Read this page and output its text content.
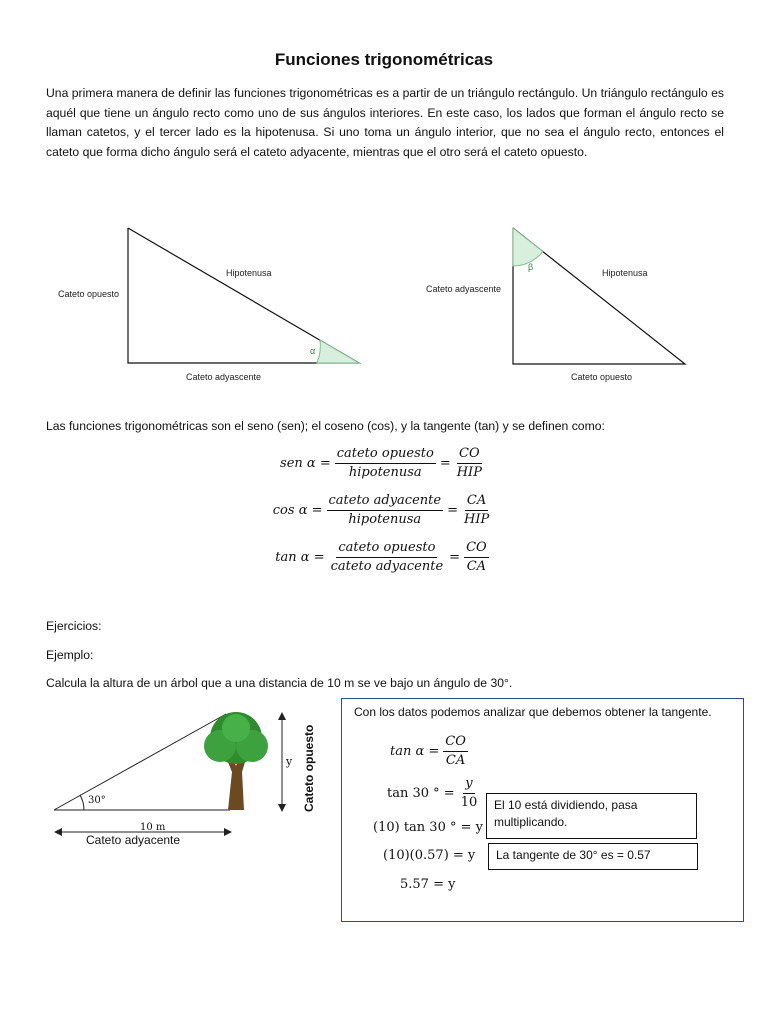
Funciones trigonométricas
Una primera manera de definir las funciones trigonométricas es a partir de un triángulo rectángulo. Un triángulo rectángulo es aquél que tiene un ángulo recto como uno de sus ángulos interiores. En este caso, los lados que forman el ángulo recto se llaman catetos, y el tercer lado es la hipotenusa. Si uno toma un ángulo interior, que no sea el ángulo recto, entonces el cateto que forma dicho ángulo será el cateto adyacente, mientras que el otro será el cateto opuesto.
Hipotenusa
Cateto opuesto
Cateto adyascente
α
Hipotenusa
Cateto adyascente
Cateto opuesto
β
Las funciones trigonométricas son el seno (sen); el coseno (cos), y la tangente (tan) y se definen como:
sen $\alpha = \frac{\text{cateto opuesto}}{\text{hipotenusa}} = \frac{CO}{\text{HIP}}$
$\cos \alpha = \frac{\text{cateto adyacente}}{\text{hipotenusa}} = \frac{CA}{\text{HIP}}$
$\tan \alpha = \frac{\text{cateto opuesto}}{\text{cateto adyacente}} = \frac{CO}{CA}$
Ejercicios:
Ejemplo:
Calcula la altura de un árbol que a una distancia de 10 m se ve bajo un ángulo de 30°.
30°
10 m
y
Cateto adyacente
Cateto opuesto
Con los datos podemos analizar que debemos obtener la tangente.
$\tan \alpha = \frac{CO}{CA}$
tan 30 ° = $\frac{y}{10}$
(10) tan 30 ° = y
(10)(0.57) = y
5.57 = y
El 10 está dividiendo, pasa multiplicando.
La tangente de 30° es = 0.57
